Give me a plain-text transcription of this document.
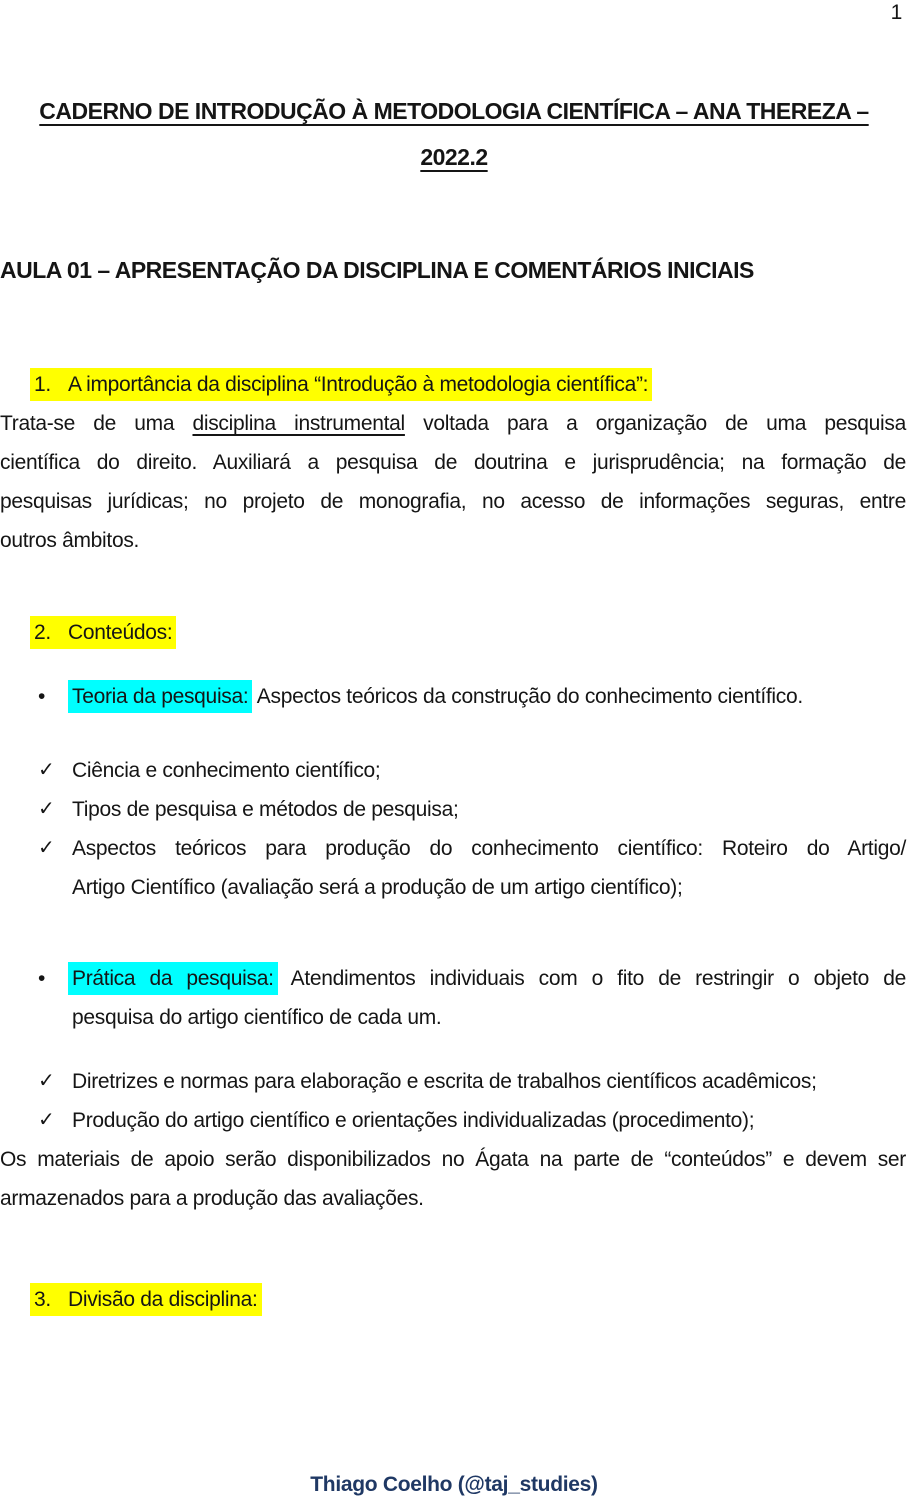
1
CADERNO DE INTRODUÇÃO À METODOLOGIA CIENTÍFICA – ANA THEREZA –
2022.2
AULA 01 – APRESENTAÇÃO DA DISCIPLINA E COMENTÁRIOS INICIAIS
1. A importância da disciplina “Introdução à metodologia científica”:

Trata-se de uma disciplina instrumental voltada para a organização de uma pesquisa
científica do direito. Auxiliará a pesquisa de doutrina e jurisprudência; na formação de
pesquisas jurídicas; no projeto de monografia, no acesso de informações seguras, entre
outros âmbitos.

2. Conteúdos:
•	Teoria da pesquisa: Aspectos teóricos da construção do conhecimento científico.
✓ Ciência e conhecimento científico;
✓ Tipos de pesquisa e métodos de pesquisa;
✓ Aspectos teóricos para produção do conhecimento científico: Roteiro do Artigo/
Artigo Científico (avaliação será a produção de um artigo científico);
•	Prática da pesquisa: Atendimentos individuais com o fito de restringir o objeto de
pesquisa do artigo científico de cada um.
✓ Diretrizes e normas para elaboração e escrita de trabalhos científicos acadêmicos;
✓ Produção do artigo científico e orientações individualizadas (procedimento);

Os materiais de apoio serão disponibilizados no Ágata na parte de “conteúdos” e devem ser
armazenados para a produção das avaliações.

3. Divisão da disciplina:
Thiago Coelho (@taj_studies)
